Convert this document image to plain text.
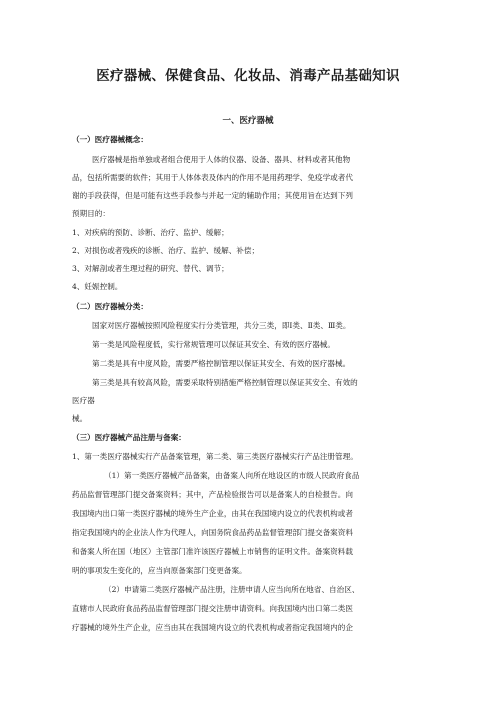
医疗器械、保健食品、化妆品、消毒产品基础知识
一、医疗器械
（一）医疗器械概念：
医疗器械是指单独或者组合使用于人体的仪器、设备、器具、材料或者其他物
品，包括所需要的软件；其用于人体体表及体内的作用不是用药理学、免疫学或者代
谢的手段获得，但是可能有这些手段参与并起一定的辅助作用；其使用旨在达到下列
预期目的：
1、对疾病的预防、诊断、治疗、监护、缓解；
2、对损伤或者残疾的诊断、治疗、监护、缓解、补偿；
3、对解剖或者生理过程的研究、替代、调节；
4、妊娠控制。
（二）医疗器械分类：
国家对医疗器械按照风险程度实行分类管理，共分三类，即Ⅰ类、Ⅱ类、Ⅲ类。
第一类是风险程度低，实行常规管理可以保证其安全、有效的医疗器械。
第二类是具有中度风险，需要严格控制管理以保证其安全、有效的医疗器械。
第三类是具有较高风险，需要采取特别措施严格控制管理以保证其安全、有效的
医疗器
械。
（三）医疗器械产品注册与备案：
1、第一类医疗器械实行产品备案管理，第二类、第三类医疗器械实行产品注册管理。
（1）第一类医疗器械产品备案，由备案人向所在地设区的市级人民政府食品
药品监督管理部门提交备案资料；其中，产品检验报告可以是备案人的自检报告。向
我国境内出口第一类医疗器械的境外生产企业，由其在我国境内设立的代表机构或者
指定我国境内的企业法人作为代理人，向国务院食品药品监督管理部门提交备案资料
和备案人所在国（地区）主管部门准许该医疗器械上市销售的证明文件。备案资料载
明的事项发生变化的，应当向原备案部门变更备案。
（2）申请第二类医疗器械产品注册，注册申请人应当向所在地省、自治区、
直辖市人民政府食品药品监督管理部门提交注册申请资料。向我国境内出口第二类医
疗器械的境外生产企业，应当由其在我国境内设立的代表机构或者指定我国境内的企
